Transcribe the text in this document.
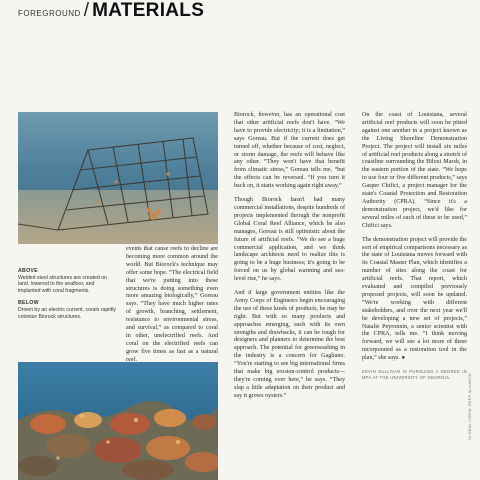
FOREGROUND / MATERIALS
ABOVE
Welded steel structures are created on land, lowered to the seafloor, and implanted with coral fragments.
BELOW
Driven by an electric current, corals rapidly colonize Biorock structures.

events that cause reefs to decline are becoming more common around the world. But Biorock's technique may offer some hope. “The electrical field that we're putting into these structures is doing something even more amazing biologically,” Goreau says. “They have much higher rates of growth, branching, settlement, resistance to environmental stress, and survival,” as compared to coral in other, unelectrified reefs. And coral on the electrified reefs can grow five times as fast as a natural reef.

Biorock, however, has an operational cost that other artificial reefs don't have. “We have to provide electricity; it is a limitation,” says Goreau. But if the current does get turned off, whether because of cost, neglect, or storm damage, the reefs will behave like any other. “They won't have that benefit from climatic stress,” Goreau tells me, “but the effects can be reversed. “If you turn it back on, it starts working again right away.”

Though Biorock hasn't had many commercial installations, despite hundreds of projects implemented through the nonprofit Global Coral Reef Alliance, which he also manages, Goreau is still optimistic about the future of artificial reefs. “We do see a huge commercial application, and we think landscape architects need to realize this is going to be a huge business; it's going to be forced on us by global warming and sea-level rise,” he says.

And if large government entities like the Army Corps of Engineers begin encouraging the use of these kinds of products, he may be right. But with so many products and approaches emerging, each with its own strengths and drawbacks, it can be tough for designers and planners to determine the best approach. The potential for greenwashing in the industry is a concern for Gagliano. “You're starting to see big international firms that make big erosion-control products—they're coming over here,” he says. “They slap a little adaptation on their product and say it grows oysters.”

On the coast of Louisiana, several artificial reef products will soon be pitted against one another in a project known as the Living Shoreline Demonstration Project. The project will install six miles of artificial reef products along a stretch of coastline surrounding the Biloxi Marsh, in the eastern portion of the state. “We hope to use four or five different products,” says Gasper Chifici, a project manager for the state's Coastal Protection and Restoration Authority (CPRA). “Since it's a demonstration project, we'd like for several miles of each of these to be used,” Chifici says.

The demonstration project will provide the sort of empirical comparisons necessary as the state of Louisiana moves forward with its Coastal Master Plan, which identifies a number of sites along the coast for artificial reefs. That report, which evaluated and compiled previously proposed projects, will soon be updated. “We're working with different stakeholders, and over the next year we'll be developing a new set of projects,” Natalie Peyronnin, a senior scientist with the CPRA, tells me. “I think moving forward, we will see a lot more of these incorporated as a restoration tool in the plan,” she says. ●

KEVIN SULLIVAN IS PURSUING A DEGREE IN MFA AT THE UNIVERSITY OF GEORGIA.	GLOBAL CORAL REEF ALLIANCE
